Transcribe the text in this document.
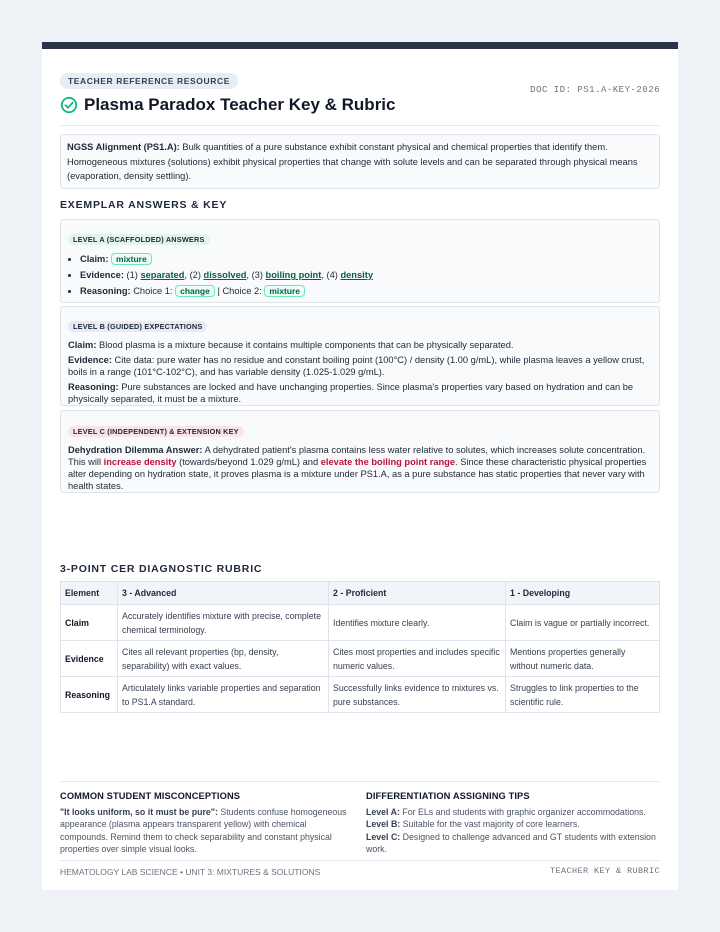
TEACHER REFERENCE RESOURCE
DOC ID: PS1.A-KEY-2026
Plasma Paradox Teacher Key & Rubric
NGSS Alignment (PS1.A): Bulk quantities of a pure substance exhibit constant physical and chemical properties that identify them. Homogeneous mixtures (solutions) exhibit physical properties that change with solute levels and can be separated through physical means (evaporation, density settling).
EXEMPLAR ANSWERS & KEY
LEVEL A (SCAFFOLDED) ANSWERS
• Claim: mixture
• Evidence: (1) separated, (2) dissolved, (3) boiling point, (4) density
• Reasoning: Choice 1: change | Choice 2: mixture
LEVEL B (GUIDED) EXPECTATIONS
Claim: Blood plasma is a mixture because it contains multiple components that can be physically separated.
Evidence: Cite data: pure water has no residue and constant boiling point (100°C) / density (1.00 g/mL), while plasma leaves a yellow crust, boils in a range (101°C-102°C), and has variable density (1.025-1.029 g/mL).
Reasoning: Pure substances are locked and have unchanging properties. Since plasma's properties vary based on hydration and can be physically separated, it must be a mixture.
LEVEL C (INDEPENDENT) & EXTENSION KEY
Dehydration Dilemma Answer: A dehydrated patient's plasma contains less water relative to solutes, which increases solute concentration. This will increase density (towards/beyond 1.029 g/mL) and elevate the boiling point range. Since these characteristic physical properties alter depending on hydration state, it proves plasma is a mixture under PS1.A, as a pure substance has static properties that never vary with health states.
3-POINT CER DIAGNOSTIC RUBRIC
Element	3 - Advanced	2 - Proficient	1 - Developing
Claim	Accurately identifies mixture with precise, complete chemical terminology.	Identifies mixture clearly.	Claim is vague or partially incorrect.
Evidence	Cites all relevant properties (bp, density, separability) with exact values.	Cites most properties and includes specific numeric values.	Mentions properties generally without numeric data.
Reasoning	Articulately links variable properties and separation to PS1.A standard.	Successfully links evidence to mixtures vs. pure substances.	Struggles to link properties to the scientific rule.
COMMON STUDENT MISCONCEPTIONS
"It looks uniform, so it must be pure": Students confuse homogeneous appearance (plasma appears transparent yellow) with chemical compounds. Remind them to check separability and constant physical properties over simple visual looks.
DIFFERENTIATION ASSIGNING TIPS
Level A: For ELs and students with graphic organizer accommodations.
Level B: Suitable for the vast majority of core learners.
Level C: Designed to challenge advanced and GT students with extension work.
HEMATOLOGY LAB SCIENCE • UNIT 3: MIXTURES & SOLUTIONS	TEACHER KEY & RUBRIC
